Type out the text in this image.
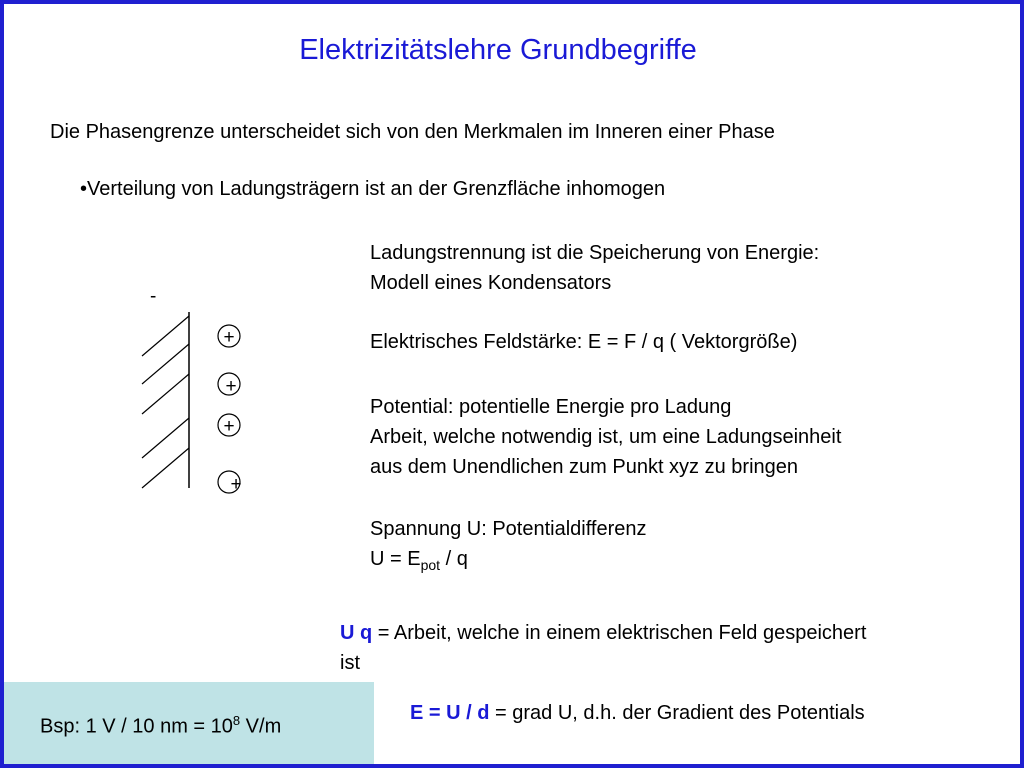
Elektrizitätslehre Grundbegriffe
Die Phasengrenze unterscheidet sich von den Merkmalen im Inneren einer Phase
•Verteilung von Ladungsträgern ist an der Grenzfläche inhomogen
-
+
+
+
+
Ladungstrennung ist die Speicherung von Energie:
Modell eines Kondensators
Elektrisches Feldstärke: E = F / q ( Vektorgröße)
Potential: potentielle Energie pro Ladung
Arbeit, welche notwendig ist, um eine Ladungseinheit
aus dem Unendlichen zum Punkt xyz zu bringen
Spannung U: Potentialdifferenz
$U = E_{pot} / q$
U q = Arbeit, welche in einem elektrischen Feld gespeichert
ist
E = U / d = grad U, d.h. der Gradient des Potentials
Bsp: 1 V / 10 nm = $10^8$ V/m
